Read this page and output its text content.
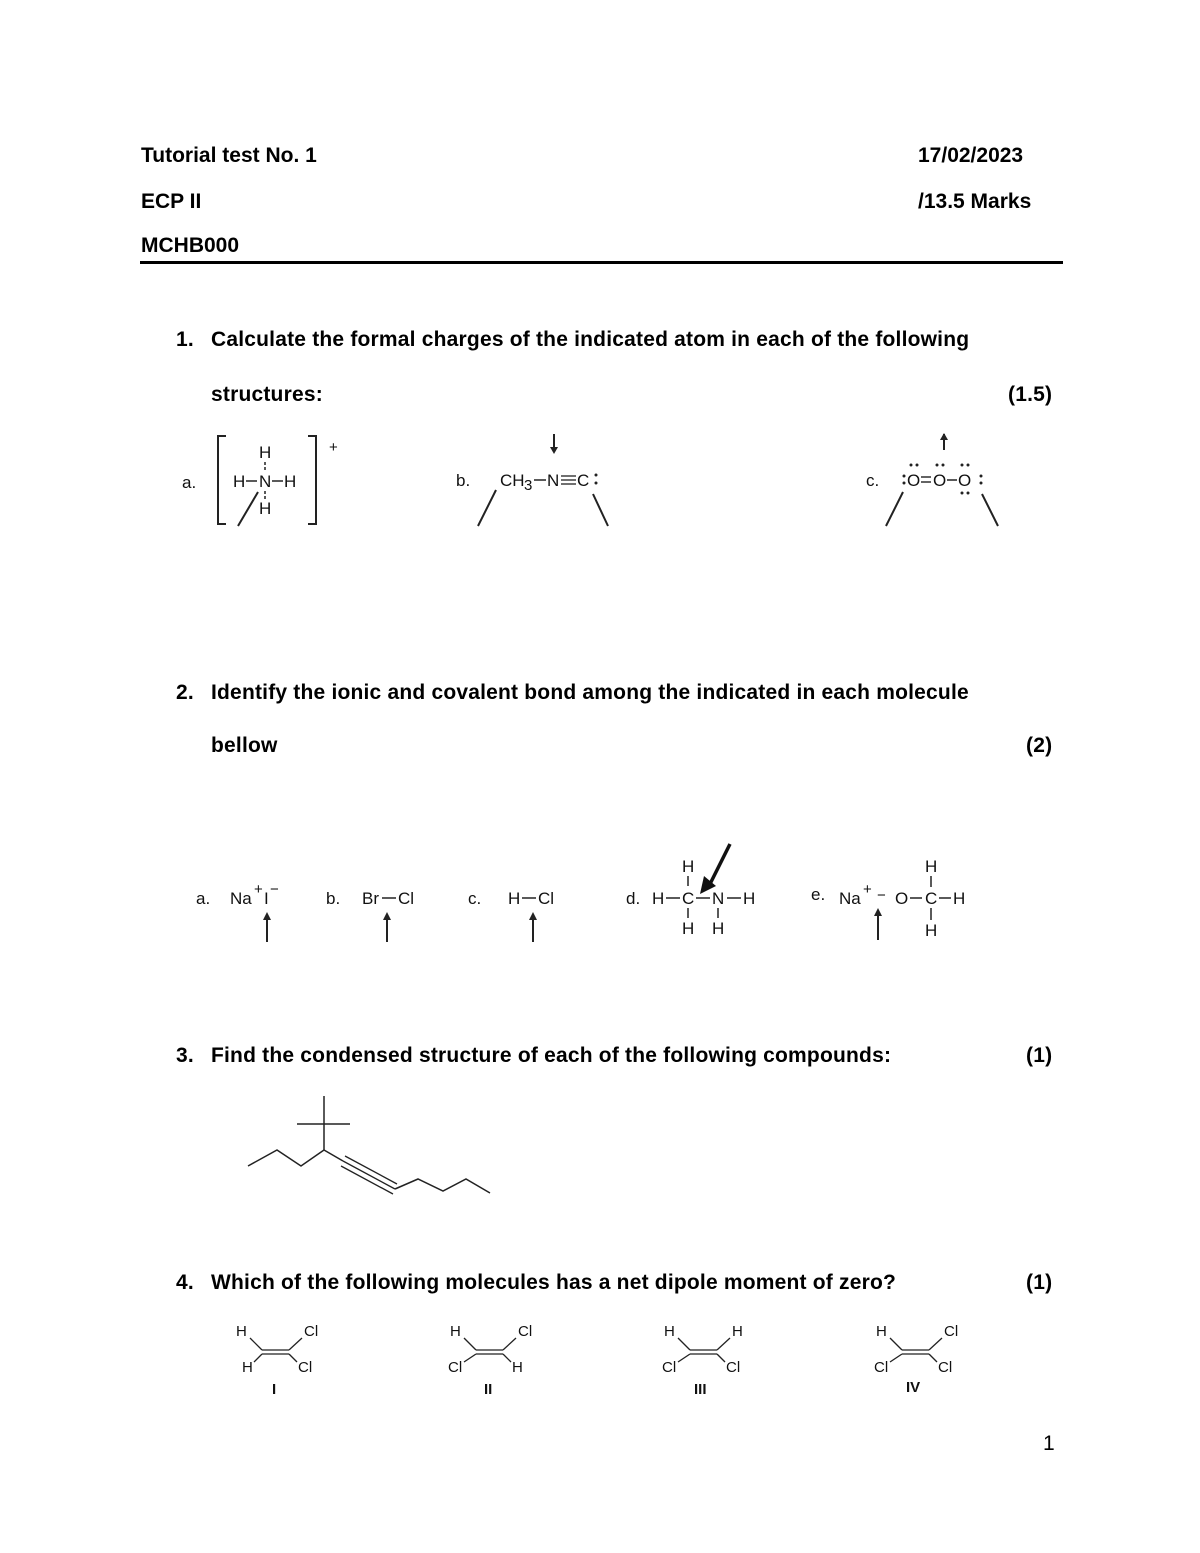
Tutorial test No. 1	17/02/2023
ECP II	/13.5 Marks
MCHB000
1. Calculate the formal charges of the indicated atom in each of the following
structures:	(1.5)
a.
+
H
H N H
H
b. CH 3 N C	c. O O O
2. Identify the ionic and covalent bond among the indicated in each molecule
bellow	(2)
a. Na + I −	b. Br Cl	c. H Cl	d.
H
H C N H
H H
e. Na + − O C H
H
H
3. Find the condensed structure of each of the following compounds:	(1)
4. Which of the following molecules has a net dipole moment of zero?	(1)
H	Cl
H	Cl
I
H	Cl
Cl	H
II
H	H
Cl	Cl
III
H	Cl
Cl	Cl
IV
1
